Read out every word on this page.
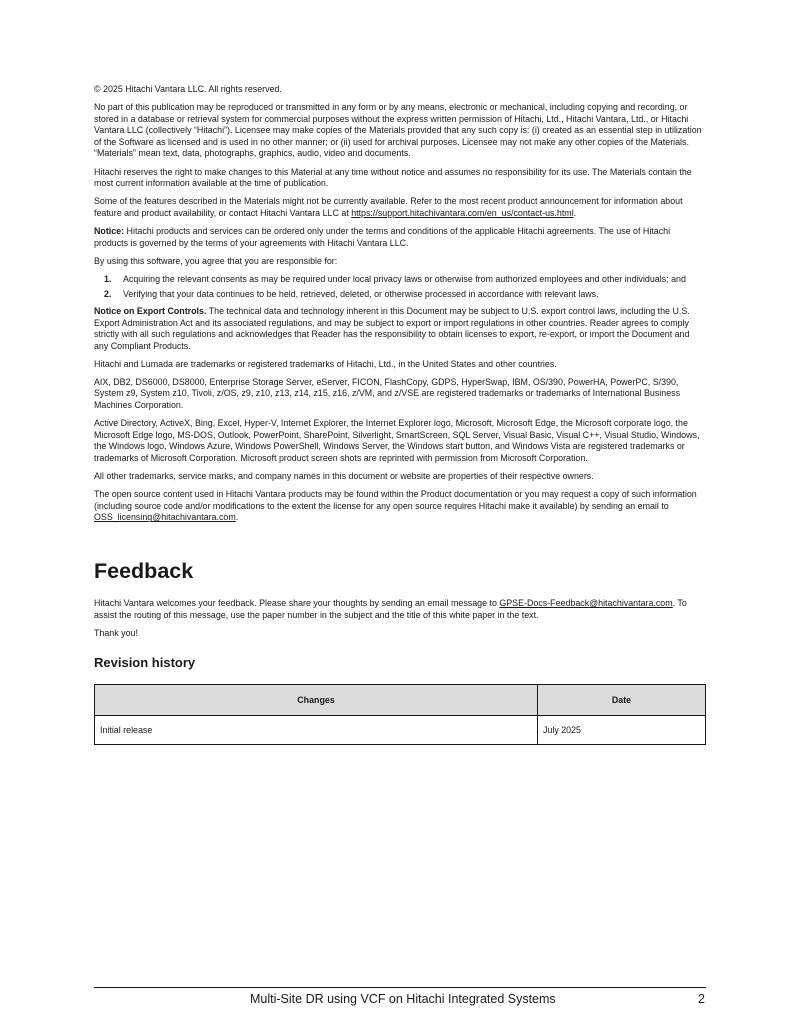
© 2025 Hitachi Vantara LLC. All rights reserved.

No part of this publication may be reproduced or transmitted in any form or by any means, electronic or mechanical, including copying and recording, or stored in a database or retrieval system for commercial purposes without the express written permission of Hitachi, Ltd., Hitachi Vantara, Ltd., or Hitachi Vantara LLC (collectively “Hitachi”). Licensee may make copies of the Materials provided that any such copy is: (i) created as an essential step in utilization of the Software as licensed and is used in no other manner; or (ii) used for archival purposes. Licensee may not make any other copies of the Materials. “Materials” mean text, data, photographs, graphics, audio, video and documents.

Hitachi reserves the right to make changes to this Material at any time without notice and assumes no responsibility for its use. The Materials contain the most current information available at the time of publication.

Some of the features described in the Materials might not be currently available. Refer to the most recent product announcement for information about feature and product availability, or contact Hitachi Vantara LLC at https://support.hitachivantara.com/en_us/contact-us.html.

Notice: Hitachi products and services can be ordered only under the terms and conditions of the applicable Hitachi agreements. The use of Hitachi products is governed by the terms of your agreements with Hitachi Vantara LLC.

By using this software, you agree that you are responsible for:

1. Acquiring the relevant consents as may be required under local privacy laws or otherwise from authorized employees and other individuals; and
2. Verifying that your data continues to be held, retrieved, deleted, or otherwise processed in accordance with relevant laws.

Notice on Export Controls. The technical data and technology inherent in this Document may be subject to U.S. export control laws, including the U.S. Export Administration Act and its associated regulations, and may be subject to export or import regulations in other countries. Reader agrees to comply strictly with all such regulations and acknowledges that Reader has the responsibility to obtain licenses to export, re-export, or import the Document and any Compliant Products.

Hitachi and Lumada are trademarks or registered trademarks of Hitachi, Ltd., in the United States and other countries.

AIX, DB2, DS6000, DS8000, Enterprise Storage Server, eServer, FICON, FlashCopy, GDPS, HyperSwap, IBM, OS/390, PowerHA, PowerPC, S/390, System z9, System z10, Tivoli, z/OS, z9, z10, z13, z14, z15, z16, z/VM, and z/VSE are registered trademarks or trademarks of International Business Machines Corporation.

Active Directory, ActiveX, Bing, Excel, Hyper-V, Internet Explorer, the Internet Explorer logo, Microsoft, Microsoft Edge, the Microsoft corporate logo, the Microsoft Edge logo, MS-DOS, Outlook, PowerPoint, SharePoint, Silverlight, SmartScreen, SQL Server, Visual Basic, Visual C++, Visual Studio, Windows, the Windows logo, Windows Azure, Windows PowerShell, Windows Server, the Windows start button, and Windows Vista are registered trademarks or trademarks of Microsoft Corporation. Microsoft product screen shots are reprinted with permission from Microsoft Corporation.

All other trademarks, service marks, and company names in this document or website are properties of their respective owners.

The open source content used in Hitachi Vantara products may be found within the Product documentation or you may request a copy of such information (including source code and/or modifications to the extent the license for any open source requires Hitachi make it available) by sending an email to OSS_licensing@hitachivantara.com.

Feedback

Hitachi Vantara welcomes your feedback. Please share your thoughts by sending an email message to GPSE-Docs-Feedback@hitachivantara.com. To assist the routing of this message, use the paper number in the subject and the title of this white paper in the text.

Thank you!

Revision history
Changes	Date
Initial release	July 2025
Multi-Site DR using VCF on Hitachi Integrated Systems	2
